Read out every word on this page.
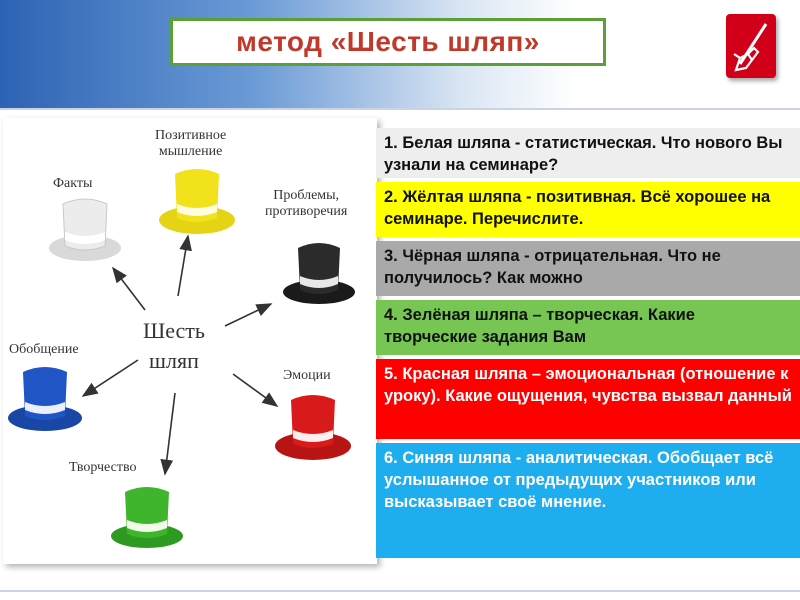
метод «Шесть шляп»
Факты
Позитивное
мышление
Проблемы,
противоречия
Обобщение
Эмоции
Творчество
Шесть
шляп
1. Белая шляпа - статистическая. Что нового Вы узнали на семинаре?
2. Жёлтая шляпа - позитивная. Всё хорошее на семинаре. Перечислите.
3. Чёрная шляпа - отрицательная. Что не получилось? Как можно
4. Зелёная шляпа – творческая. Какие творческие задания Вам
5. Красная шляпа – эмоциональная (отношение к уроку). Какие ощущения, чувства вызвал данный
6. Синяя шляпа - аналитическая. Обобщает всё услышанное от предыдущих участников или высказывает своё мнение.
